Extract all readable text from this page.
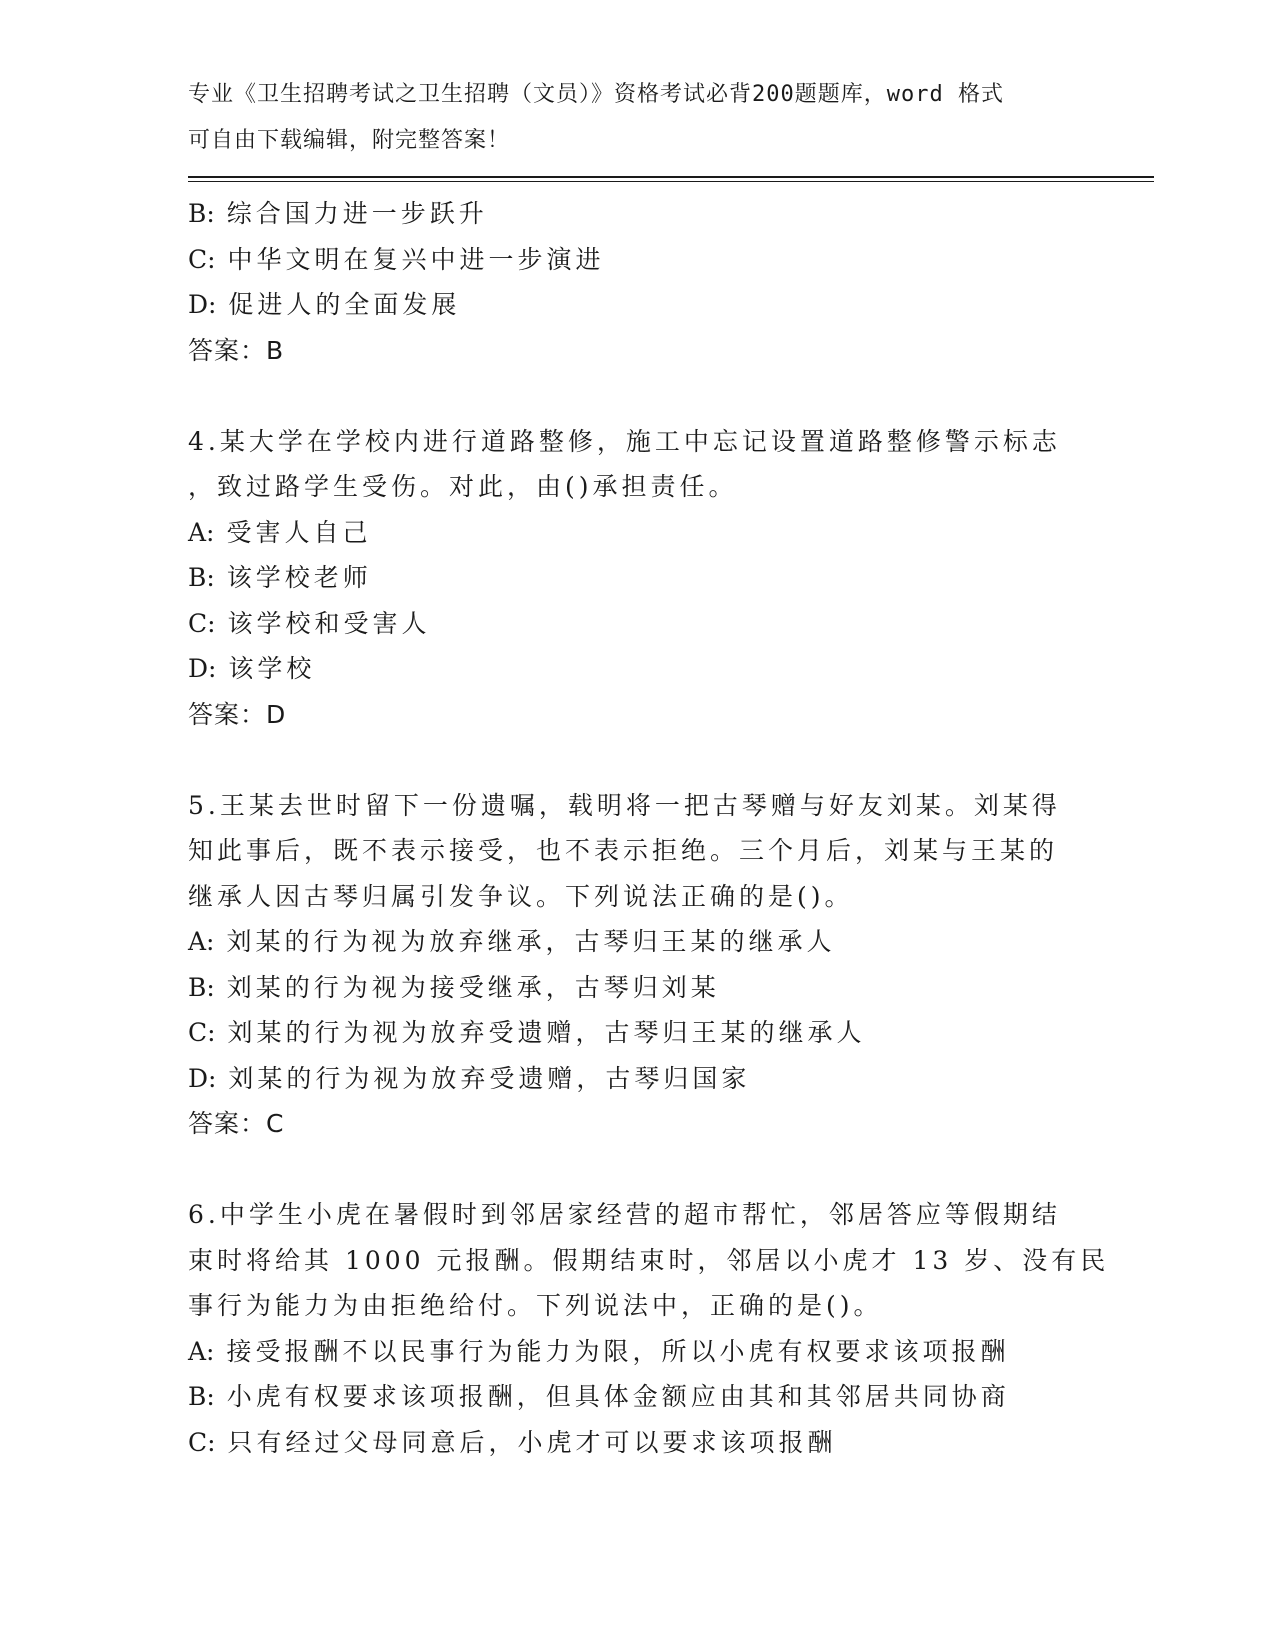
专业《卫生招聘考试之卫生招聘（文员）》资格考试必背200题题库，word 格式
可自由下载编辑，附完整答案！
B: 综合国力进一步跃升
C: 中华文明在复兴中进一步演进
D: 促进人的全面发展
答案：B
4.某大学在学校内进行道路整修，施工中忘记设置道路整修警示标志
，致过路学生受伤。对此，由()承担责任。
A: 受害人自己
B: 该学校老师
C: 该学校和受害人
D: 该学校
答案：D
5.王某去世时留下一份遗嘱，载明将一把古琴赠与好友刘某。刘某得
知此事后，既不表示接受，也不表示拒绝。三个月后，刘某与王某的
继承人因古琴归属引发争议。下列说法正确的是()。
A: 刘某的行为视为放弃继承，古琴归王某的继承人
B: 刘某的行为视为接受继承，古琴归刘某
C: 刘某的行为视为放弃受遗赠，古琴归王某的继承人
D: 刘某的行为视为放弃受遗赠，古琴归国家
答案：C
6.中学生小虎在暑假时到邻居家经营的超市帮忙，邻居答应等假期结
束时将给其 1000 元报酬。假期结束时，邻居以小虎才 13 岁、没有民
事行为能力为由拒绝给付。下列说法中，正确的是()。
A: 接受报酬不以民事行为能力为限，所以小虎有权要求该项报酬
B: 小虎有权要求该项报酬，但具体金额应由其和其邻居共同协商
C: 只有经过父母同意后，小虎才可以要求该项报酬
